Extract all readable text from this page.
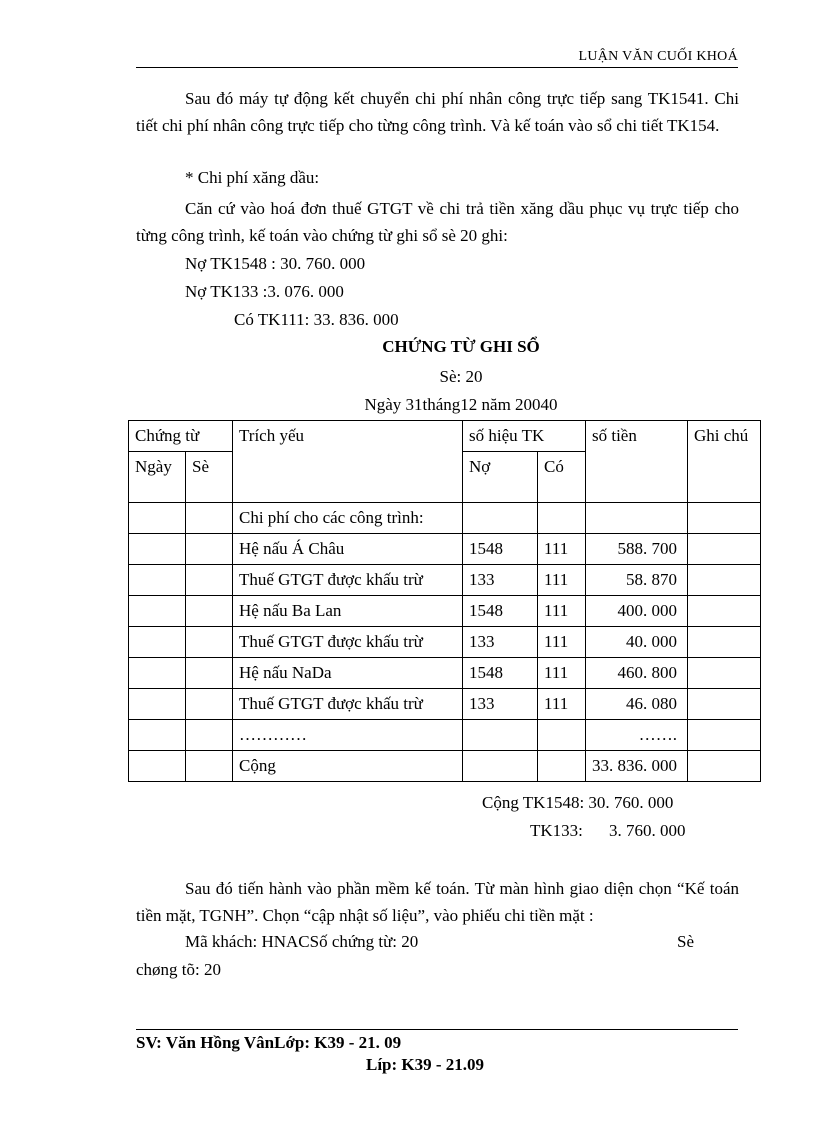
LUẬN VĂN CUỐI KHOÁ
Sau đó máy tự động kết chuyển chi phí nhân công trực tiếp sang TK1541. Chi tiết chi phí nhân công trực tiếp cho từng công trình. Và kế toán vào sổ chi tiết TK154.
* Chi phí xăng dầu:
Căn cứ vào hoá đơn thuế GTGT về chi trả tiền xăng dầu phục vụ trực tiếp cho từng công trình, kế toán vào chứng từ ghi sổ sè 20 ghi:
Nợ TK1548 : 30. 760. 000
Nợ TK133 :3. 076. 000
Có TK111: 33. 836. 000
CHỨNG TỪ GHI SỔ
Sè: 20
Ngày 31tháng12 năm 20040
Chứng từ		Trích yếu	số hiệu TK		số tiền	Ghi chú
Ngày	Sè		Nợ	Có		
		Chi phí cho các công trình:				
		Hệ nấu Á Châu	1548	111	588. 700	
		Thuế GTGT được khấu trừ	133	111	58. 870	
		Hệ nấu Ba Lan	1548	111	400. 000	
		Thuế GTGT được khấu trừ	133	111	40. 000	
		Hệ nấu NaDa	1548	111	460. 800	
		Thuế GTGT được khấu trừ	133	111	46. 080	
		…………			…….	
		Cộng			33. 836. 000	
Cộng TK1548: 30. 760. 000
TK133: 3. 760. 000
Sau đó tiến hành vào phần mềm kế toán. Từ màn hình giao diện chọn “Kế toán tiền mặt, TGNH”. Chọn “cập nhật số liệu”, vào phiếu chi tiền mặt :
Mã khách: HNACSố chứng từ: 20	Sè
chøng tõ: 20
SV: Văn Hồng VânLớp: K39 - 21. 09
Líp: K39 - 21.09
